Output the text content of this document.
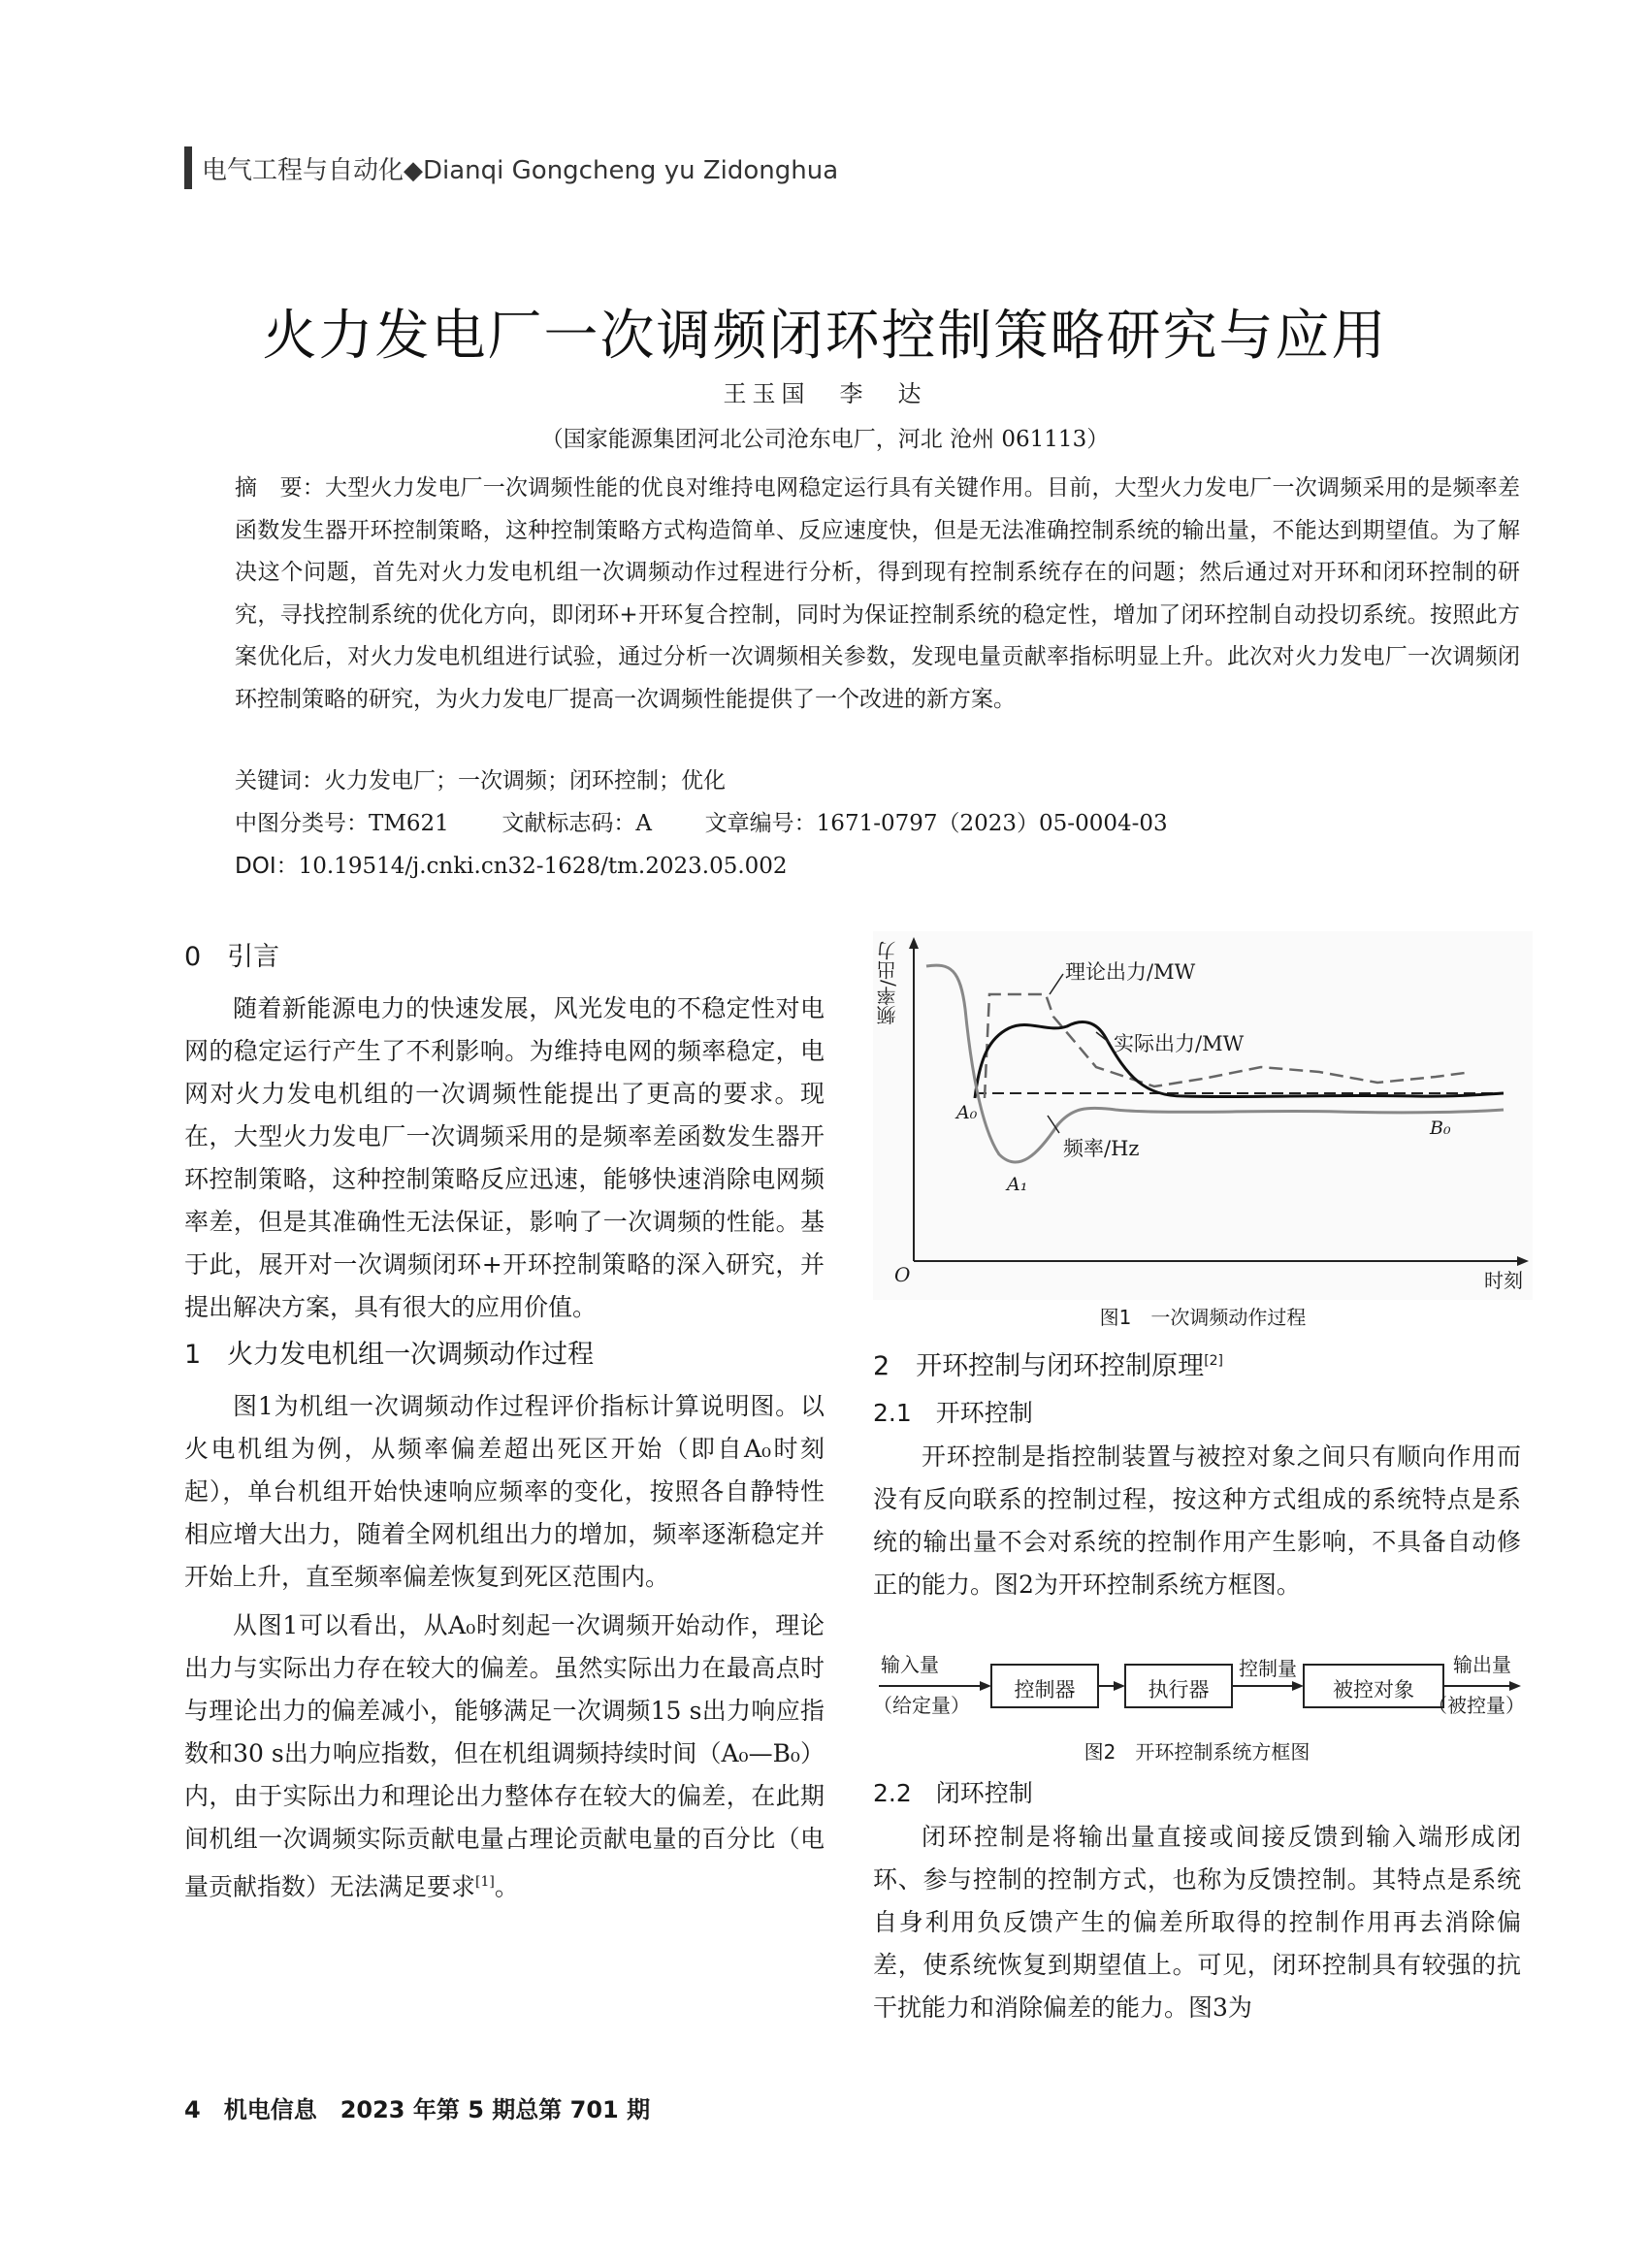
电气工程与自动化◆Dianqi Gongcheng yu Zidonghua
火力发电厂一次调频闭环控制策略研究与应用
王玉国　李　达
（国家能源集团河北公司沧东电厂，河北 沧州 061113）
摘　要：大型火力发电厂一次调频性能的优良对维持电网稳定运行具有关键作用。目前，大型火力发电厂一次调频采用的是频率差函数发生器开环控制策略，这种控制策略方式构造简单、反应速度快，但是无法准确控制系统的输出量，不能达到期望值。为了解决这个问题，首先对火力发电机组一次调频动作过程进行分析，得到现有控制系统存在的问题；然后通过对开环和闭环控制的研究，寻找控制系统的优化方向，即闭环+开环复合控制，同时为保证控制系统的稳定性，增加了闭环控制自动投切系统。按照此方案优化后，对火力发电机组进行试验，通过分析一次调频相关参数，发现电量贡献率指标明显上升。此次对火力发电厂一次调频闭环控制策略的研究，为火力发电厂提高一次调频性能提供了一个改进的新方案。
关键词：火力发电厂；一次调频；闭环控制；优化
中图分类号：TM621 文献标志码：A 文章编号：1671-0797（2023）05-0004-03
DOI：10.19514/j.cnki.cn32-1628/tm.2023.05.002
0　引言

随着新能源电力的快速发展，风光发电的不稳定性对电网的稳定运行产生了不利影响。为维持电网的频率稳定，电网对火力发电机组的一次调频性能提出了更高的要求。现在，大型火力发电厂一次调频采用的是频率差函数发生器开环控制策略，这种控制策略反应迅速，能够快速消除电网频率差，但是其准确性无法保证，影响了一次调频的性能。基于此，展开对一次调频闭环+开环控制策略的深入研究，并提出解决方案，具有很大的应用价值。

1　火力发电机组一次调频动作过程

图1为机组一次调频动作过程评价指标计算说明图。以火电机组为例，从频率偏差超出死区开始（即自A₀时刻起），单台机组开始快速响应频率的变化，按照各自静特性相应增大出力，随着全网机组出力的增加，频率逐渐稳定并开始上升，直至频率偏差恢复到死区范围内。

从图1可以看出，从A₀时刻起一次调频开始动作，理论出力与实际出力存在较大的偏差。虽然实际出力在最高点时与理论出力的偏差减小，能够满足一次调频15 s出力响应指数和30 s出力响应指数，但在机组调频持续时间（A₀—B₀）内，由于实际出力和理论出力整体存在较大的偏差，在此期间机组一次调频实际贡献电量占理论贡献电量的百分比（电量贡献指数）无法满足要求[1]。

频率/出力	理论出力/MW
实际出力/MW
频率/Hz
A₀
A₁
B₀
O	时刻
图1　一次调频动作过程
2　开环控制与闭环控制原理[2]
2.1　开环控制

开环控制是指控制装置与被控对象之间只有顺向作用而没有反向联系的控制过程，按这种方式组成的系统特点是系统的输出量不会对系统的控制作用产生影响，不具备自动修正的能力。图2为开环控制系统方框图。

输入量
（给定量）
控制器	执行器
控制量
被控对象
输出量
（被控量）
图2　开环控制系统方框图
2.2　闭环控制

闭环控制是将输出量直接或间接反馈到输入端形成闭环、参与控制的控制方式，也称为反馈控制。其特点是系统自身利用负反馈产生的偏差所取得的控制作用再去消除偏差，使系统恢复到期望值上。可见，闭环控制具有较强的抗干扰能力和消除偏差的能力。图3为

4　机电信息　2023 年第 5 期总第 701 期
